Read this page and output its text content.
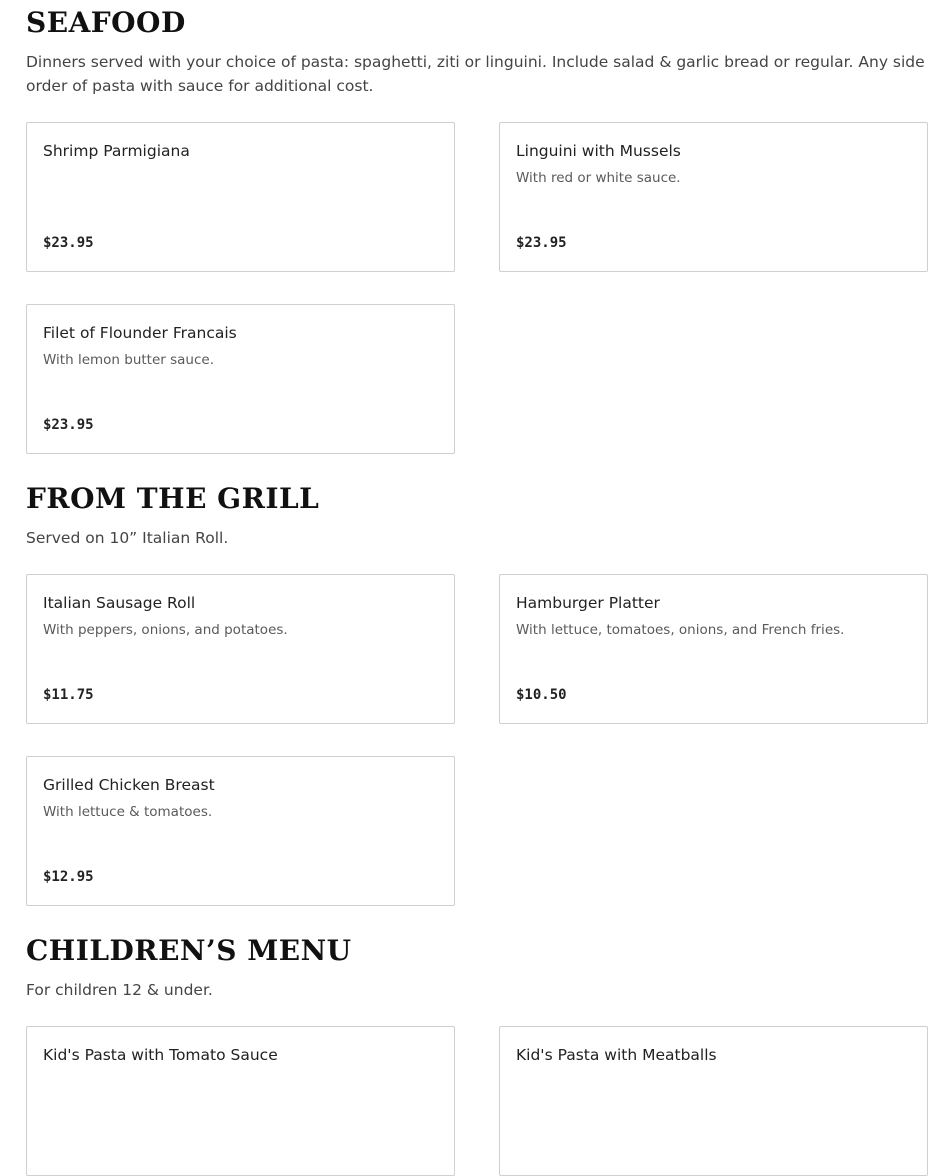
SEAFOOD

Dinners served with your choice of pasta: spaghetti, ziti or linguini. Include salad & garlic bread or regular. Any side order of pasta with sauce for additional cost.

Shrimp Parmigiana
$23.95
Linguini with Mussels
With red or white sauce.
$23.95
Filet of Flounder Francais
With lemon butter sauce.
$23.95
FROM THE GRILL

Served on 10” Italian Roll.

Italian Sausage Roll
With peppers, onions, and potatoes.
$11.75
Hamburger Platter
With lettuce, tomatoes, onions, and French fries.
$10.50
Grilled Chicken Breast
With lettuce & tomatoes.
$12.95
CHILDREN’S MENU

For children 12 & under.

Kid's Pasta with Tomato Sauce	Kid's Pasta with Meatballs
